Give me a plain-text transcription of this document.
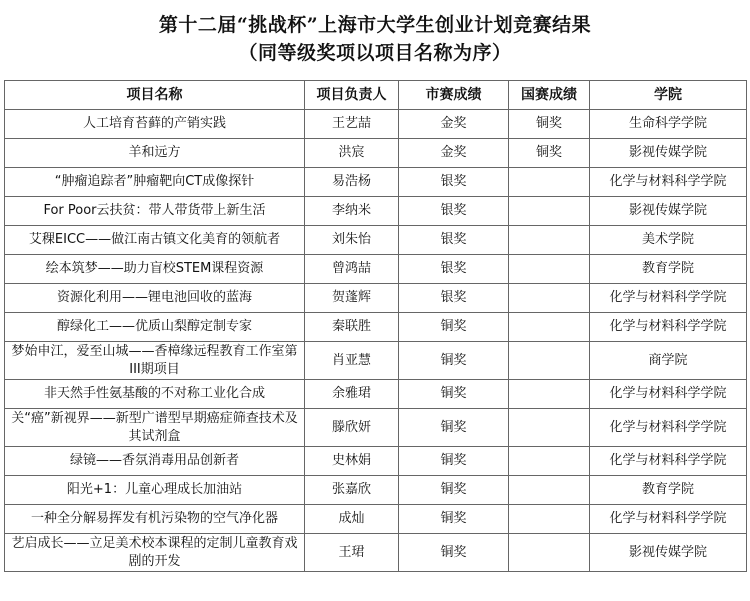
第十二届“挑战杯”上海市大学生创业计划竞赛结果
（同等级奖项以项目名称为序）
项目名称	项目负责人	市赛成绩	国赛成绩	学院
人工培育苔藓的产销实践	王艺喆	金奖	铜奖	生命科学学院
羊和远方	洪宸	金奖	铜奖	影视传媒学院
“肿瘤追踪者”肿瘤靶向CT成像探针	易浩杨	银奖		化学与材料科学学院
For Poor云扶贫：带人带货带上新生活	李纳米	银奖		影视传媒学院
艾稞EICC——做江南古镇文化美育的领航者	刘朱怡	银奖		美术学院
绘本筑梦——助力盲校STEM课程资源	曾鸿喆	银奖		教育学院
资源化利用——锂电池回收的蓝海	贺蓬辉	银奖		化学与材料科学学院
醇绿化工——优质山梨醇定制专家	秦联胜	铜奖		化学与材料科学学院
梦始申江，爱至山城——香樟缘远程教育工作室第III期项目	肖亚慧	铜奖		商学院
非天然手性氨基酸的不对称工业化合成	余雅珺	铜奖		化学与材料科学学院
关“癌”新视界——新型广谱型早期癌症筛查技术及其试剂盒	滕欣妍	铜奖		化学与材料科学学院
绿镜——香氛消毒用品创新者	史林娟	铜奖		化学与材料科学学院
阳光+1：儿童心理成长加油站	张嘉欣	铜奖		教育学院
一种全分解易挥发有机污染物的空气净化器	成灿	铜奖		化学与材料科学学院
艺启成长——立足美术校本课程的定制儿童教育戏剧的开发	王珺	铜奖		影视传媒学院
